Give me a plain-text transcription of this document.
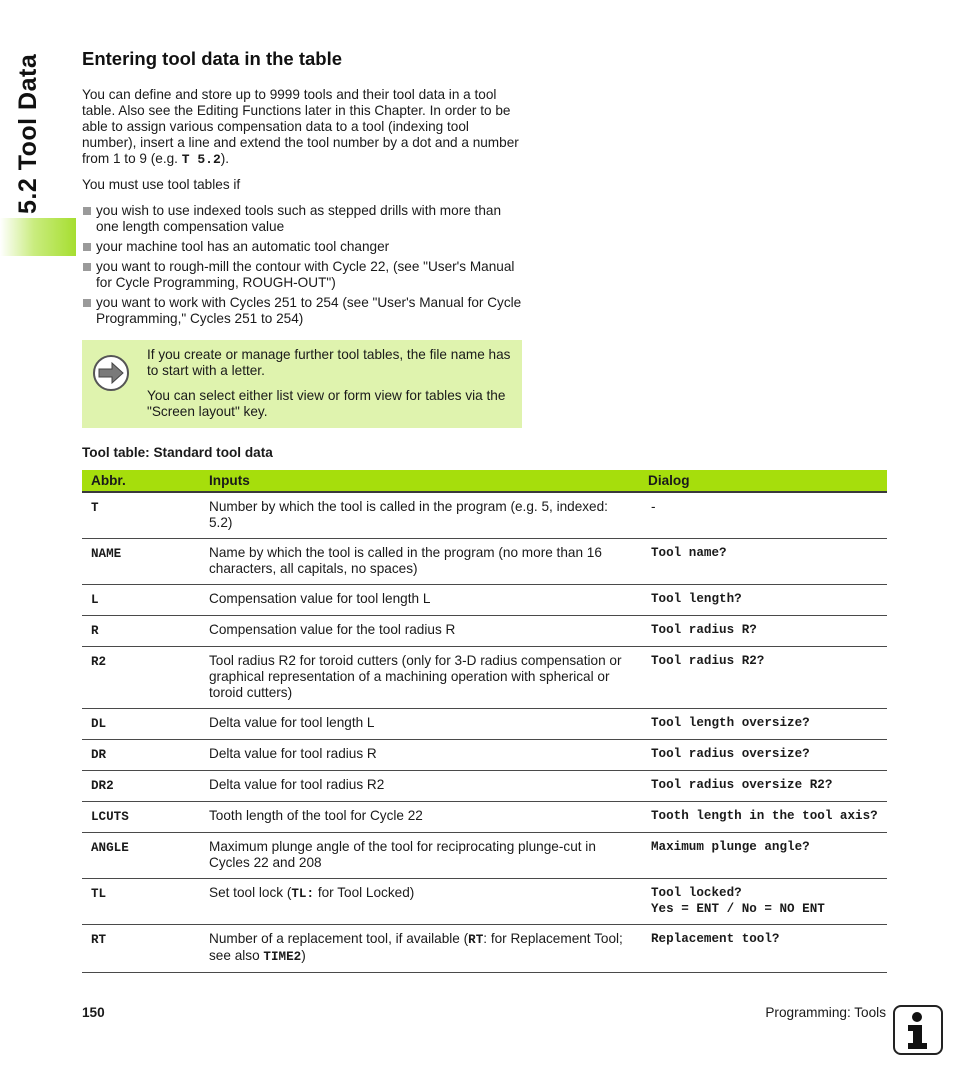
5.2 Tool Data Entering tool data in the table

You can define and store up to 9999 tools and their tool data in a tool table. Also see the Editing Functions later in this Chapter. In order to be able to assign various compensation data to a tool (indexing tool number), insert a line and extend the tool number by a dot and a number from 1 to 9 (e.g. T 5.2).

You must use tool tables if

you wish to use indexed tools such as stepped drills with more than one length compensation value
your machine tool has an automatic tool changer
you want to rough-mill the contour with Cycle 22, (see "User's Manual for Cycle Programming, ROUGH-OUT")
you want to work with Cycles 251 to 254 (see "User's Manual for Cycle Programming," Cycles 251 to 254)

If you create or manage further tool tables, the file name has to start with a letter.

You can select either list view or form view for tables via the "Screen layout" key.

Tool table: Standard tool data
Abbr.	Inputs	Dialog
T	Number by which the tool is called in the program (e.g. 5, indexed: 5.2)	-

NAME	Name by which the tool is called in the program (no more than 16 characters, all capitals, no spaces)	Tool name?

L	Compensation value for tool length L	Tool length?

R	Compensation value for the tool radius R	Tool radius R?

R2	Tool radius R2 for toroid cutters (only for 3-D radius compensation or graphical representation of a machining operation with spherical or toroid cutters)	Tool radius R2?

DL	Delta value for tool length L	Tool length oversize?

DR	Delta value for tool radius R	Tool radius oversize?

DR2	Delta value for tool radius R2	Tool radius oversize R2?

LCUTS	Tooth length of the tool for Cycle 22	Tooth length in the tool axis?

ANGLE	Maximum plunge angle of the tool for reciprocating plunge-cut in Cycles 22 and 208	Maximum plunge angle?

TL	Set tool lock (TL: for Tool Locked)	Tool locked?
Yes = ENT / No = NO ENT

RT	Number of a replacement tool, if available (RT: for Replacement Tool; see also TIME2)	Replacement tool?
150	Programming: Tools
